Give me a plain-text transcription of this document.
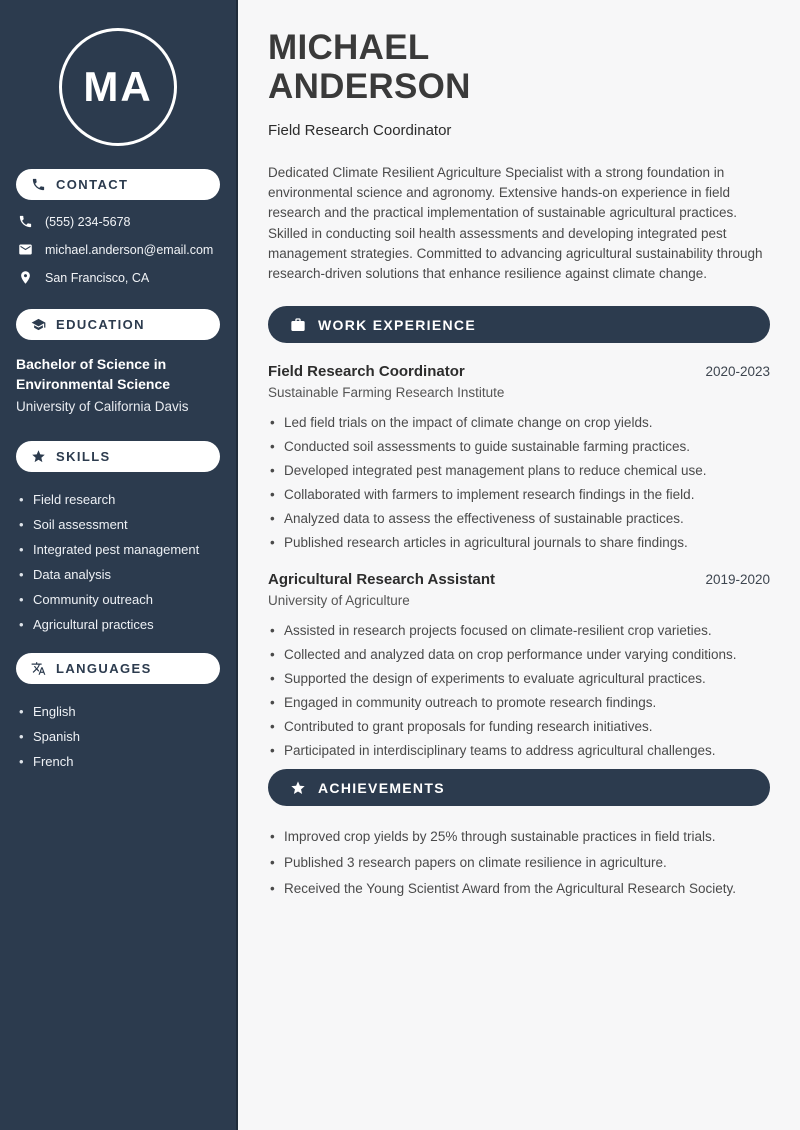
MA
CONTACT
(555) 234-5678
michael.anderson@email.com
San Francisco, CA
EDUCATION
Bachelor of Science in Environmental Science
University of California Davis
SKILLS
• Field research
• Soil assessment
• Integrated pest management
• Data analysis
• Community outreach
• Agricultural practices
LANGUAGES
• English
• Spanish
• French
MICHAEL
ANDERSON
Field Research Coordinator

Dedicated Climate Resilient Agriculture Specialist with a strong foundation in environmental science and agronomy. Extensive hands-on experience in field research and the practical implementation of sustainable agricultural practices. Skilled in conducting soil health assessments and developing integrated pest management strategies. Committed to advancing agricultural sustainability through research-driven solutions that enhance resilience against climate change.

WORK EXPERIENCE
Field Research Coordinator	2020-2023
Sustainable Farming Research Institute
• Led field trials on the impact of climate change on crop yields.
• Conducted soil assessments to guide sustainable farming practices.
• Developed integrated pest management plans to reduce chemical use.
• Collaborated with farmers to implement research findings in the field.
• Analyzed data to assess the effectiveness of sustainable practices.
• Published research articles in agricultural journals to share findings.
Agricultural Research Assistant	2019-2020
University of Agriculture
• Assisted in research projects focused on climate-resilient crop varieties.
• Collected and analyzed data on crop performance under varying conditions.
• Supported the design of experiments to evaluate agricultural practices.
• Engaged in community outreach to promote research findings.
• Contributed to grant proposals for funding research initiatives.
• Participated in interdisciplinary teams to address agricultural challenges.
ACHIEVEMENTS
• Improved crop yields by 25% through sustainable practices in field trials.
• Published 3 research papers on climate resilience in agriculture.
• Received the Young Scientist Award from the Agricultural Research Society.
